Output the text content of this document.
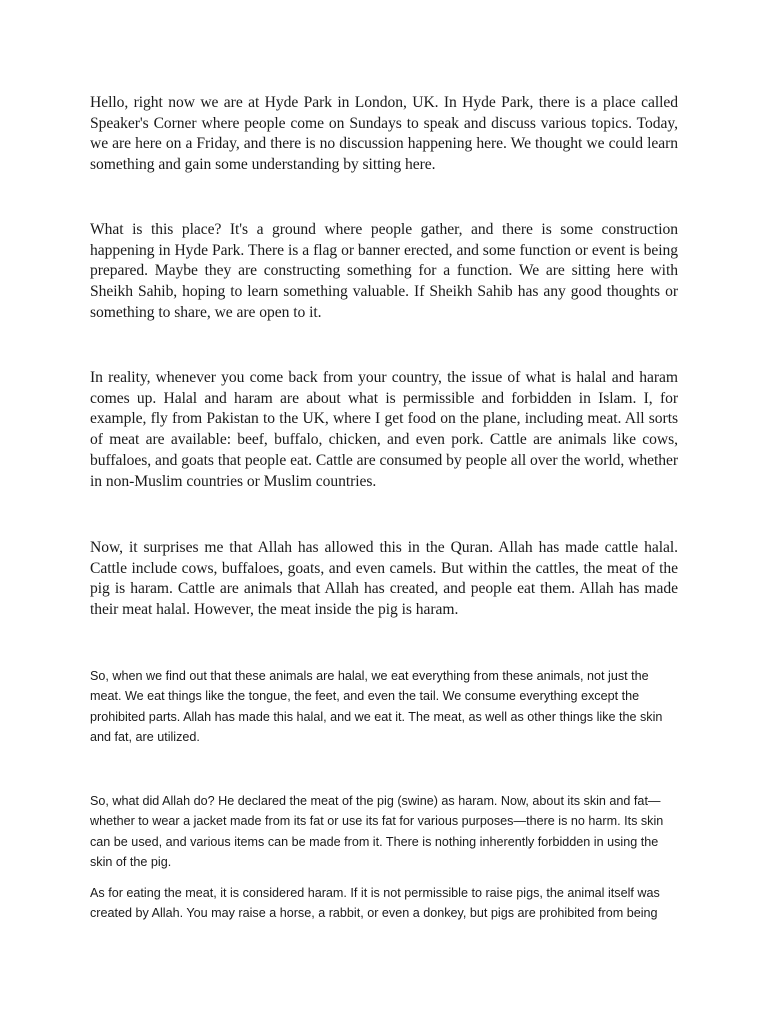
Hello, right now we are at Hyde Park in London, UK. In Hyde Park, there is a place called Speaker's Corner where people come on Sundays to speak and discuss various topics. Today, we are here on a Friday, and there is no discussion happening here. We thought we could learn something and gain some understanding by sitting here.

What is this place? It's a ground where people gather, and there is some construction happening in Hyde Park. There is a flag or banner erected, and some function or event is being prepared. Maybe they are constructing something for a function. We are sitting here with Sheikh Sahib, hoping to learn something valuable. If Sheikh Sahib has any good thoughts or something to share, we are open to it.

In reality, whenever you come back from your country, the issue of what is halal and haram comes up. Halal and haram are about what is permissible and forbidden in Islam. I, for example, fly from Pakistan to the UK, where I get food on the plane, including meat. All sorts of meat are available: beef, buffalo, chicken, and even pork. Cattle are animals like cows, buffaloes, and goats that people eat. Cattle are consumed by people all over the world, whether in non-Muslim countries or Muslim countries.

Now, it surprises me that Allah has allowed this in the Quran. Allah has made cattle halal. Cattle include cows, buffaloes, goats, and even camels. But within the cattles, the meat of the pig is haram. Cattle are animals that Allah has created, and people eat them. Allah has made their meat halal. However, the meat inside the pig is haram.

So, when we find out that these animals are halal, we eat everything from these animals, not just the meat. We eat things like the tongue, the feet, and even the tail. We consume everything except the prohibited parts. Allah has made this halal, and we eat it. The meat, as well as other things like the skin and fat, are utilized.

So, what did Allah do? He declared the meat of the pig (swine) as haram. Now, about its skin and fat—whether to wear a jacket made from its fat or use its fat for various purposes—there is no harm. Its skin can be used, and various items can be made from it. There is nothing inherently forbidden in using the skin of the pig.

As for eating the meat, it is considered haram. If it is not permissible to raise pigs, the animal itself was created by Allah. You may raise a horse, a rabbit, or even a donkey, but pigs are prohibited from being
